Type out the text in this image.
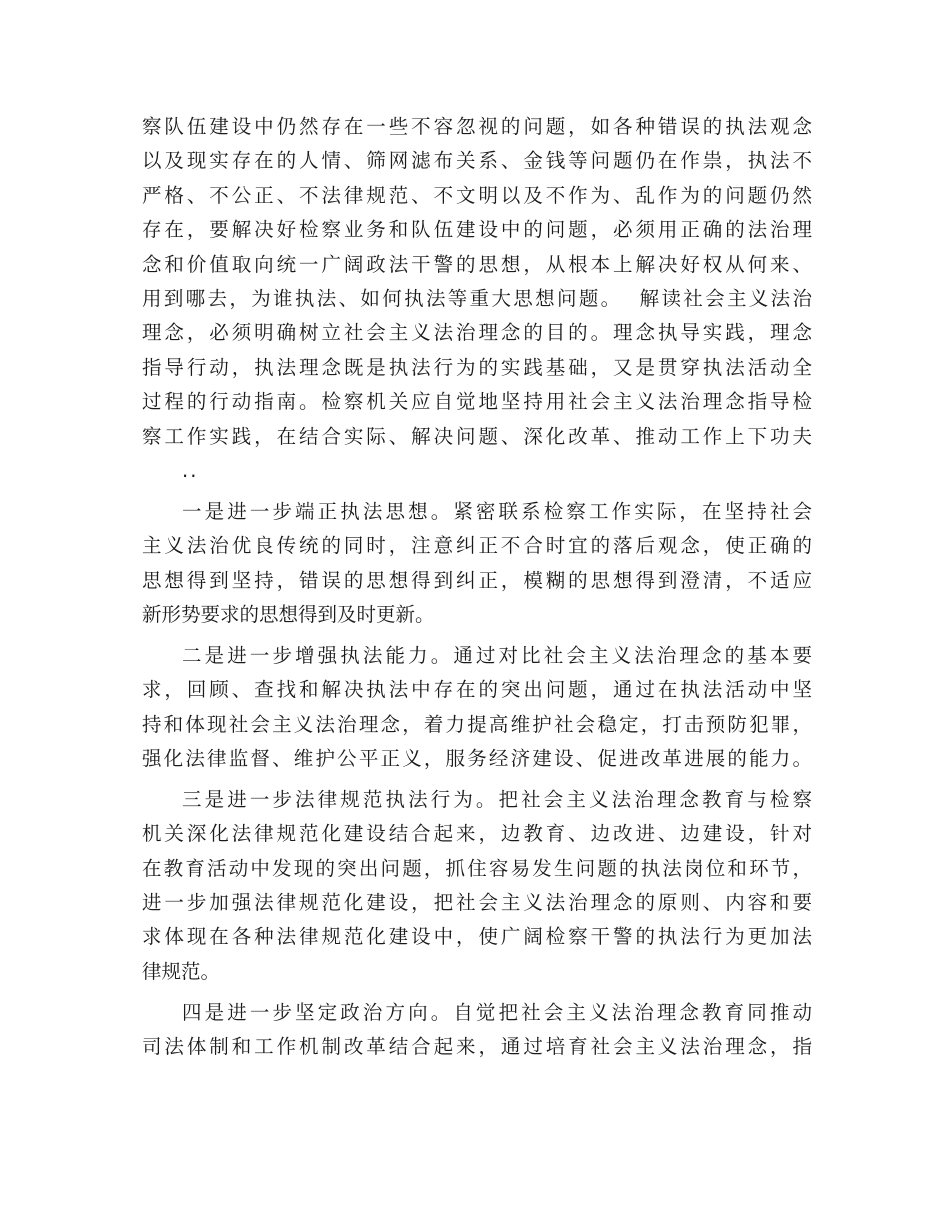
察队伍建设中仍然存在一些不容忽视的问题，如各种错误的执法观念
以及现实存在的人情、筛网滤布关系、金钱等问题仍在作祟，执法不
严格、不公正、不法律规范、不文明以及不作为、乱作为的问题仍然
存在，要解决好检察业务和队伍建设中的问题，必须用正确的法治理
念和价值取向统一广阔政法干警的思想，从根本上解决好权从何来、
用到哪去，为谁执法、如何执法等重大思想问题。  解读社会主义法治
理念，必须明确树立社会主义法治理念的目的。理念执导实践，理念
指导行动，执法理念既是执法行为的实践基础，又是贯穿执法活动全
过程的行动指南。检察机关应自觉地坚持用社会主义法治理念指导检
察工作实践，在结合实际、解决问题、深化改革、推动工作上下功夫
..
一是进一步端正执法思想。紧密联系检察工作实际，在坚持社会
主义法治优良传统的同时，注意纠正不合时宜的落后观念，使正确的
思想得到坚持，错误的思想得到纠正，模糊的思想得到澄清，不适应
新形势要求的思想得到及时更新。
二是进一步增强执法能力。通过对比社会主义法治理念的基本要
求，回顾、查找和解决执法中存在的突出问题，通过在执法活动中坚
持和体现社会主义法治理念，着力提高维护社会稳定，打击预防犯罪，
强化法律监督、维护公平正义，服务经济建设、促进改革进展的能力。
三是进一步法律规范执法行为。把社会主义法治理念教育与检察
机关深化法律规范化建设结合起来，边教育、边改进、边建设，针对
在教育活动中发现的突出问题，抓住容易发生问题的执法岗位和环节，
进一步加强法律规范化建设，把社会主义法治理念的原则、内容和要
求体现在各种法律规范化建设中，使广阔检察干警的执法行为更加法
律规范。
四是进一步坚定政治方向。自觉把社会主义法治理念教育同推动
司法体制和工作机制改革结合起来，通过培育社会主义法治理念，指
